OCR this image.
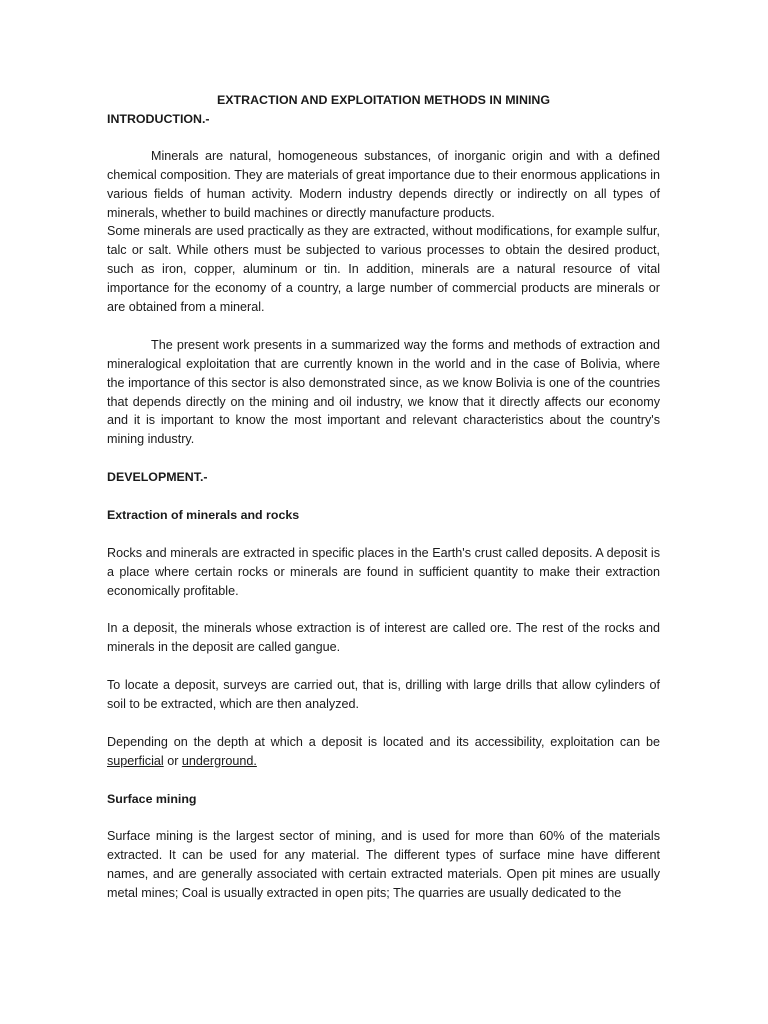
EXTRACTION AND EXPLOITATION METHODS IN MINING

INTRODUCTION.-

Minerals are natural, homogeneous substances, of inorganic origin and with a defined chemical composition. They are materials of great importance due to their enormous applications in various fields of human activity. Modern industry depends directly or indirectly on all types of minerals, whether to build machines or directly manufacture products.

Some minerals are used practically as they are extracted, without modifications, for example sulfur, talc or salt. While others must be subjected to various processes to obtain the desired product, such as iron, copper, aluminum or tin. In addition, minerals are a natural resource of vital importance for the economy of a country, a large number of commercial products are minerals or are obtained from a mineral.

The present work presents in a summarized way the forms and methods of extraction and mineralogical exploitation that are currently known in the world and in the case of Bolivia, where the importance of this sector is also demonstrated since, as we know Bolivia is one of the countries that depends directly on the mining and oil industry, we know that it directly affects our economy and it is important to know the most important and relevant characteristics about the country's mining industry.

DEVELOPMENT.-

Extraction of minerals and rocks

Rocks and minerals are extracted in specific places in the Earth's crust called deposits. A deposit is a place where certain rocks or minerals are found in sufficient quantity to make their extraction economically profitable.

In a deposit, the minerals whose extraction is of interest are called ore. The rest of the rocks and minerals in the deposit are called gangue.

To locate a deposit, surveys are carried out, that is, drilling with large drills that allow cylinders of soil to be extracted, which are then analyzed.

Depending on the depth at which a deposit is located and its accessibility, exploitation can be superficial or underground.

Surface mining

Surface mining is the largest sector of mining, and is used for more than 60% of the materials extracted. It can be used for any material. The different types of surface mine have different names, and are generally associated with certain extracted materials. Open pit mines are usually metal mines; Coal is usually extracted in open pits; The quarries are usually dedicated to the
